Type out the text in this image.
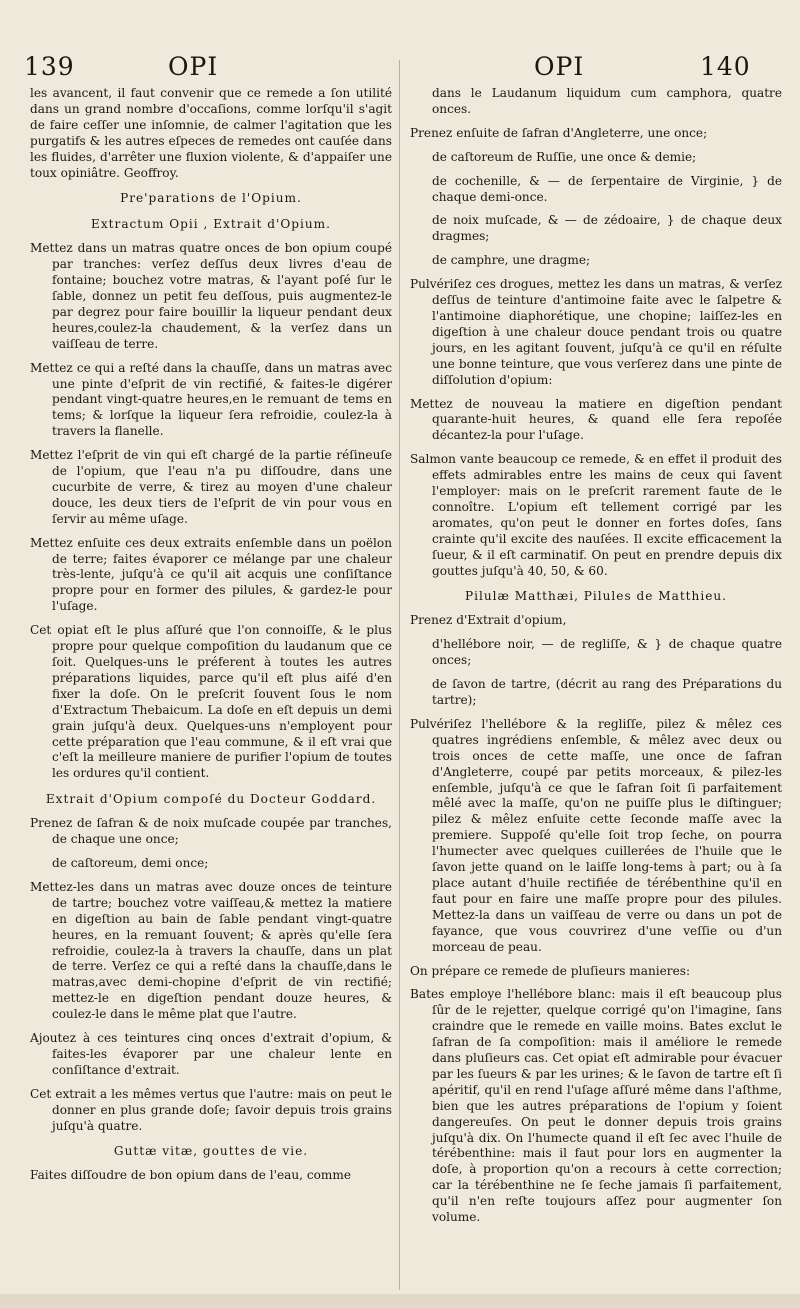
139	OPI	OPI	140

les avancent, il faut convenir que ce remede a ſon utilité dans un grand nombre d'occaſions, comme lorſqu'il s'agit de faire ceſſer une inſomnie, de calmer l'agitation que les purgatifs & les autres eſpeces de remedes ont cauſée dans les fluides, d'arrêter une fluxion violente, & d'appaiſer une toux opiniâtre. Geoffroy.

Pre'parations de l'Opium.

Extractum Opii , Extrait d'Opium.

Mettez dans un matras quatre onces de bon opium coupé par tranches: verſez deſſus deux livres d'eau de fontaine; bouchez votre matras, & l'ayant poſé ſur le ſable, donnez un petit feu deſſous, puis augmentez-le par degrez pour faire bouillir la liqueur pendant deux heures,coulez-la chaudement, & la verſez dans un vaiſſeau de terre.

Mettez ce qui a reſté dans la chauſſe, dans un matras avec une pinte d'eſprit de vin rectifié, & faites-le digérer pendant vingt-quatre heures,en le remuant de tems en tems; & lorſque la liqueur ſera refroidie, coulez-la à travers la flanelle.

Mettez l'eſprit de vin qui eſt chargé de la partie réſineuſe de l'opium, que l'eau n'a pu diſſoudre, dans une cucurbite de verre, & tirez au moyen d'une chaleur douce, les deux tiers de l'eſprit de vin pour vous en ſervir au même uſage.

Mettez enſuite ces deux extraits enſemble dans un poëlon de terre; faites évaporer ce mélange par une chaleur très-lente, juſqu'à ce qu'il ait acquis une conſiſtance propre pour en former des pilules, & gardez-le pour l'uſage.

Cet opiat eſt le plus aſſuré que l'on connoiſſe, & le plus propre pour quelque compoſition du laudanum que ce ſoit. Quelques-uns le préferent à toutes les autres préparations liquides, parce qu'il eſt plus aiſé d'en fixer la doſe. On le preſcrit ſouvent ſous le nom d'Extractum Thebaicum. La doſe en eſt depuis un demi grain juſqu'à deux. Quelques-uns n'employent pour cette préparation que l'eau commune, & il eſt vrai que c'eſt la meilleure maniere de purifier l'opium de toutes les ordures qu'il contient.

Extrait d'Opium compoſé du Docteur Goddard.

Prenez de ſafran & de noix muſcade coupée par tranches, de chaque une once;

de caſtoreum, demi once;

Mettez-les dans un matras avec douze onces de teinture de tartre; bouchez votre vaiſſeau,& mettez la matiere en digeſtion au bain de ſable pendant vingt-quatre heures, en la remuant ſouvent; & après qu'elle ſera refroidie, coulez-la à travers la chauſſe, dans un plat de terre. Verſez ce qui a reſté dans la chauſſe,dans le matras,avec demi-chopine d'eſprit de vin rectifié; mettez-le en digeſtion pendant douze heures, & coulez-le dans le même plat que l'autre.

Ajoutez à ces teintures cinq onces d'extrait d'opium, & faites-les évaporer par une chaleur lente en conſiſtance d'extrait.

Cet extrait a les mêmes vertus que l'autre: mais on peut le donner en plus grande doſe; ſavoir depuis trois grains juſqu'à quatre.

Guttæ vitæ, gouttes de vie.

Faites diſſoudre de bon opium dans de l'eau, comme

dans le Laudanum liquidum cum camphora, quatre onces.

Prenez enſuite de ſafran d'Angleterre, une once;

de caſtoreum de Ruſſie, une once & demie;

de cochenille, & — de ſerpentaire de Virginie, } de chaque demi-once.

de noix muſcade, & — de zédoaire, } de chaque deux dragmes;

de camphre, une dragme;

Pulvériſez ces drogues, mettez les dans un matras, & verſez deſſus de teinture d'antimoine faite avec le ſalpetre & l'antimoine diaphorétique, une chopine; laiſſez-les en digeſtion à une chaleur douce pendant trois ou quatre jours, en les agitant ſouvent, juſqu'à ce qu'il en réſulte une bonne teinture, que vous verſerez dans une pinte de diſſolution d'opium:

Mettez de nouveau la matiere en digeſtion pendant quarante-huit heures, & quand elle ſera repoſée décantez-la pour l'uſage.

Salmon vante beaucoup ce remede, & en effet il produit des effets admirables entre les mains de ceux qui ſavent l'employer: mais on le preſcrit rarement faute de le connoître. L'opium eſt tellement corrigé par les aromates, qu'on peut le donner en fortes doſes, ſans crainte qu'il excite des nauſées. Il excite efficacement la ſueur, & il eſt carminatif. On peut en prendre depuis dix gouttes juſqu'à 40, 50, & 60.

Pilulæ Matthæi, Pilules de Matthieu.

Prenez d'Extrait d'opium,

d'hellébore noir, — de regliſſe, & } de chaque quatre onces;

de ſavon de tartre, (décrit au rang des Préparations du tartre);

Pulvériſez l'hellébore & la regliſſe, pilez & mêlez ces quatres ingrédiens enſemble, & mêlez avec deux ou trois onces de cette maſſe, une once de ſafran d'Angleterre, coupé par petits morceaux, & pilez-les enſemble, juſqu'à ce que le ſafran ſoit ſi parfaitement mêlé avec la maſſe, qu'on ne puiſſe plus le diſtinguer; pilez & mêlez enſuite cette ſeconde maſſe avec la premiere. Suppoſé qu'elle ſoit trop ſeche, on pourra l'humecter avec quelques cuillerées de l'huile que le ſavon jette quand on le laiſſe long-tems à part; ou à ſa place autant d'huile rectifiée de térébenthine qu'il en faut pour en faire une maſſe propre pour des pilules. Mettez-la dans un vaiſſeau de verre ou dans un pot de fayance, que vous couvrirez d'une veſſie ou d'un morceau de peau.

On prépare ce remede de pluſieurs manieres:

Bates employe l'hellébore blanc: mais il eſt beaucoup plus ſûr de le rejetter, quelque corrigé qu'on l'imagine, ſans craindre que le remede en vaille moins. Bates exclut le ſafran de ſa compoſition: mais il améliore le remede dans pluſieurs cas. Cet opiat eſt admirable pour évacuer par les ſueurs & par les urines; & le ſavon de tartre eſt ſi apéritif, qu'il en rend l'uſage aſſuré même dans l'aſthme, bien que les autres préparations de l'opium y ſoient dangereuſes. On peut le donner depuis trois grains juſqu'à dix. On l'humecte quand il eſt ſec avec l'huile de térébenthine: mais il faut pour lors en augmenter la doſe, à proportion qu'on a recours à cette correction; car la térébenthine ne ſe ſeche jamais ſi parfaitement, qu'il n'en reſte toujours aſſez pour augmenter ſon volume.
